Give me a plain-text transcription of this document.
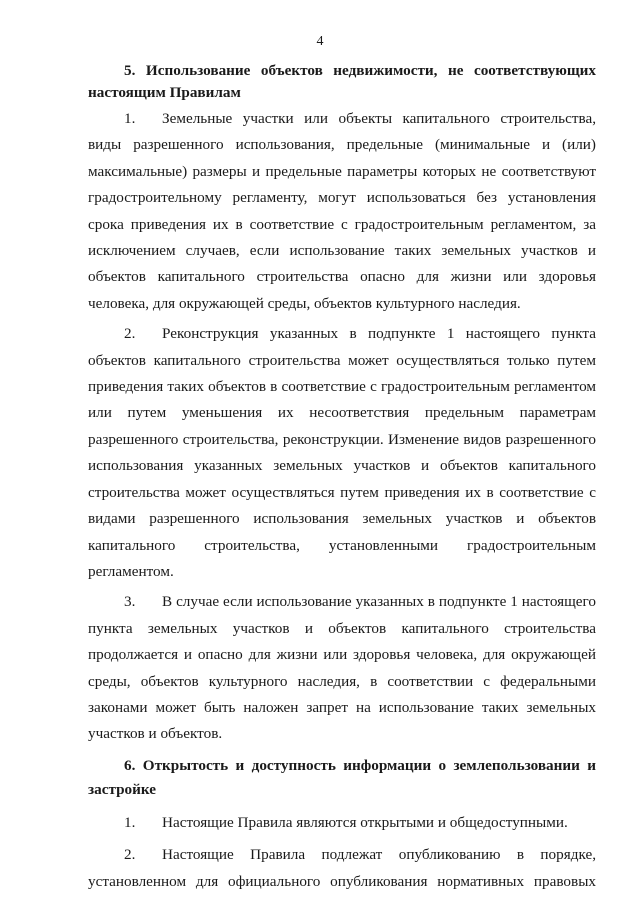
4

5. Использование объектов недвижимости, не соответствующих настоящим Правилам

1. Земельные участки или объекты капитального строительства, виды разрешенного использования, предельные (минимальные и (или) максимальные) размеры и предельные параметры которых не соответствуют градостроительному регламенту, могут использоваться без установления срока приведения их в соответствие с градостроительным регламентом, за исключением случаев, если использование таких земельных участков и объектов капитального строительства опасно для жизни или здоровья человека, для окружающей среды, объектов культурного наследия.

2. Реконструкция указанных в подпункте 1 настоящего пункта объектов капитального строительства может осуществляться только путем приведения таких объектов в соответствие с градостроительным регламентом или путем уменьшения их несоответствия предельным параметрам разрешенного строительства, реконструкции. Изменение видов разрешенного использования указанных земельных участков и объектов капитального строительства может осуществляться путем приведения их в соответствие с видами разрешенного использования земельных участков и объектов капитального строительства, установленными градостроительным регламентом.

3. В случае если использование указанных в подпункте 1 настоящего пункта земельных участков и объектов капитального строительства продолжается и опасно для жизни или здоровья человека, для окружающей среды, объектов культурного наследия, в соответствии с федеральными законами может быть наложен запрет на использование таких земельных участков и объектов.

6. Открытость и доступность информации о землепользовании и застройке

1. Настоящие Правила являются открытыми и общедоступными.

2. Настоящие Правила подлежат опубликованию в порядке, установленном для официального опубликования нормативных правовых
